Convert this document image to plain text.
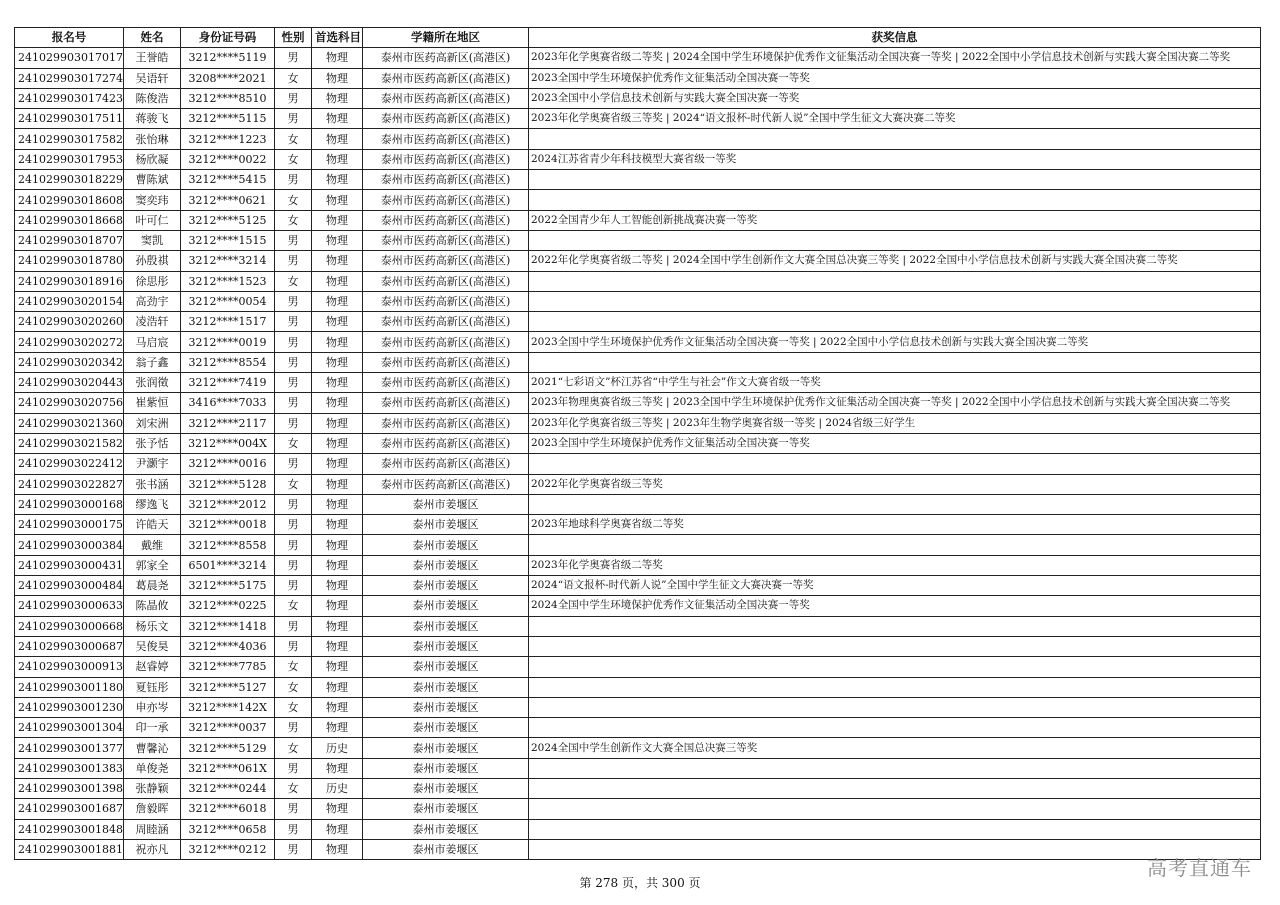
报名号	姓名	身份证号码	性别	首选科目	学籍所在地区	获奖信息
241029903017017	王誉皓	3212****5119	男	物理	泰州市医药高新区(高港区)	2023年化学奥赛省级二等奖 | 2024全国中学生环境保护优秀作文征集活动全国决赛一等奖 | 2022全国中小学信息技术创新与实践大赛全国决赛二等奖
241029903017274	吴语轩	3208****2021	女	物理	泰州市医药高新区(高港区)	2023全国中学生环境保护优秀作文征集活动全国决赛一等奖
241029903017423	陈俊浩	3212****8510	男	物理	泰州市医药高新区(高港区)	2023全国中小学信息技术创新与实践大赛全国决赛一等奖
241029903017511	蒋骏飞	3212****5115	男	物理	泰州市医药高新区(高港区)	2023年化学奥赛省级三等奖 | 2024“语文报杯-时代新人说”全国中学生征文大赛决赛二等奖
241029903017582	张怡琳	3212****1223	女	物理	泰州市医药高新区(高港区)	
241029903017953	杨欣凝	3212****0022	女	物理	泰州市医药高新区(高港区)	2024江苏省青少年科技模型大赛省级一等奖
241029903018229	曹陈斌	3212****5415	男	物理	泰州市医药高新区(高港区)	
241029903018608	窦奕玮	3212****0621	女	物理	泰州市医药高新区(高港区)	
241029903018668	叶可仁	3212****5125	女	物理	泰州市医药高新区(高港区)	2022全国青少年人工智能创新挑战赛决赛一等奖
241029903018707	窦凯	3212****1515	男	物理	泰州市医药高新区(高港区)	
241029903018780	孙殷祺	3212****3214	男	物理	泰州市医药高新区(高港区)	2022年化学奥赛省级二等奖 | 2024全国中学生创新作文大赛全国总决赛三等奖 | 2022全国中小学信息技术创新与实践大赛全国决赛二等奖
241029903018916	徐思彤	3212****1523	女	物理	泰州市医药高新区(高港区)	
241029903020154	高劲宇	3212****0054	男	物理	泰州市医药高新区(高港区)	
241029903020260	凌浩轩	3212****1517	男	物理	泰州市医药高新区(高港区)	
241029903020272	马启宸	3212****0019	男	物理	泰州市医药高新区(高港区)	2023全国中学生环境保护优秀作文征集活动全国决赛一等奖 | 2022全国中小学信息技术创新与实践大赛全国决赛二等奖
241029903020342	翁子鑫	3212****8554	男	物理	泰州市医药高新区(高港区)	
241029903020443	张润徵	3212****7419	男	物理	泰州市医药高新区(高港区)	2021“七彩语文”杯江苏省“中学生与社会”作文大赛省级一等奖
241029903020756	崔紫恒	3416****7033	男	物理	泰州市医药高新区(高港区)	2023年物理奥赛省级三等奖 | 2023全国中学生环境保护优秀作文征集活动全国决赛一等奖 | 2022全国中小学信息技术创新与实践大赛全国决赛二等奖
241029903021360	刘宋洲	3212****2117	男	物理	泰州市医药高新区(高港区)	2023年化学奥赛省级三等奖 | 2023年生物学奥赛省级一等奖 | 2024省级三好学生
241029903021582	张予恬	3212****004X	女	物理	泰州市医药高新区(高港区)	2023全国中学生环境保护优秀作文征集活动全国决赛一等奖
241029903022412	尹灏宇	3212****0016	男	物理	泰州市医药高新区(高港区)	
241029903022827	张书涵	3212****5128	女	物理	泰州市医药高新区(高港区)	2022年化学奥赛省级三等奖
241029903000168	缪逸飞	3212****2012	男	物理	泰州市姜堰区	
241029903000175	许皓天	3212****0018	男	物理	泰州市姜堰区	2023年地球科学奥赛省级二等奖
241029903000384	戴维	3212****8558	男	物理	泰州市姜堰区	
241029903000431	郭家全	6501****3214	男	物理	泰州市姜堰区	2023年化学奥赛省级二等奖
241029903000484	葛晨尧	3212****5175	男	物理	泰州市姜堰区	2024“语文报杯-时代新人说”全国中学生征文大赛决赛一等奖
241029903000633	陈晶攸	3212****0225	女	物理	泰州市姜堰区	2024全国中学生环境保护优秀作文征集活动全国决赛一等奖
241029903000668	杨乐文	3212****1418	男	物理	泰州市姜堰区	
241029903000687	吴俊昊	3212****4036	男	物理	泰州市姜堰区	
241029903000913	赵睿婷	3212****7785	女	物理	泰州市姜堰区	
241029903001180	夏钰彤	3212****5127	女	物理	泰州市姜堰区	
241029903001230	申亦岑	3212****142X	女	物理	泰州市姜堰区	
241029903001304	印一承	3212****0037	男	物理	泰州市姜堰区	
241029903001377	曹馨沁	3212****5129	女	历史	泰州市姜堰区	2024全国中学生创新作文大赛全国总决赛三等奖
241029903001383	单俊尧	3212****061X	男	物理	泰州市姜堰区	
241029903001398	张静颖	3212****0244	女	历史	泰州市姜堰区	
241029903001687	詹毅晖	3212****6018	男	物理	泰州市姜堰区	
241029903001848	周睦涵	3212****0658	男	物理	泰州市姜堰区	
241029903001881	祝亦凡	3212****0212	男	物理	泰州市姜堰区	
第 278 页，共 300 页
高考直通车
